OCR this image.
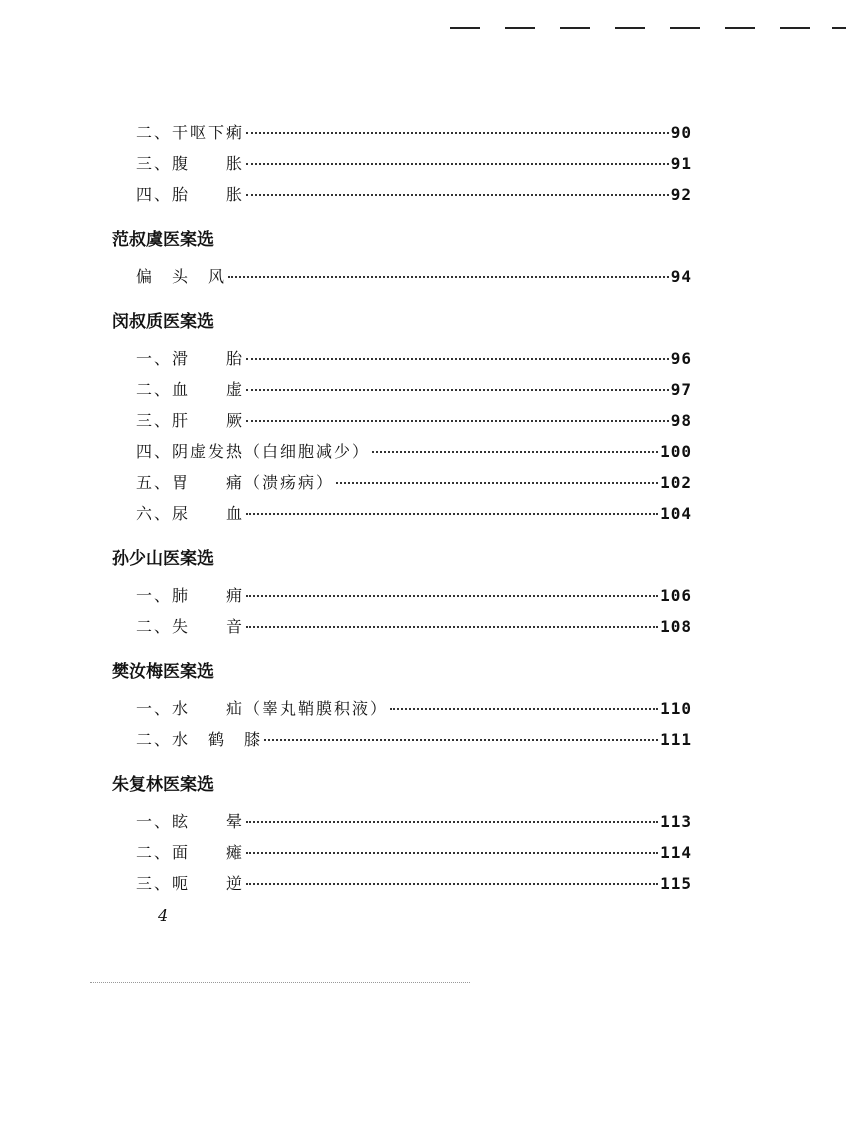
二、干呕下痢	90
三、腹　　胀	91
四、胎　　胀	92
范叔虞医案选
偏　头　风	94
闵叔质医案选
一、滑　　胎	96
二、血　　虚	97
三、肝　　厥	98
四、阴虚发热（白细胞减少）	100
五、胃　　痛（溃疡病）	102
六、尿　　血	104
孙少山医案选
一、肺　　痈	106
二、失　　音	108
樊汝梅医案选
一、水　　疝（睾丸鞘膜积液）	110
二、水　鹤　膝	111
朱复林医案选
一、眩　　晕	113
二、面　　瘫	114
三、呃　　逆	115
4
